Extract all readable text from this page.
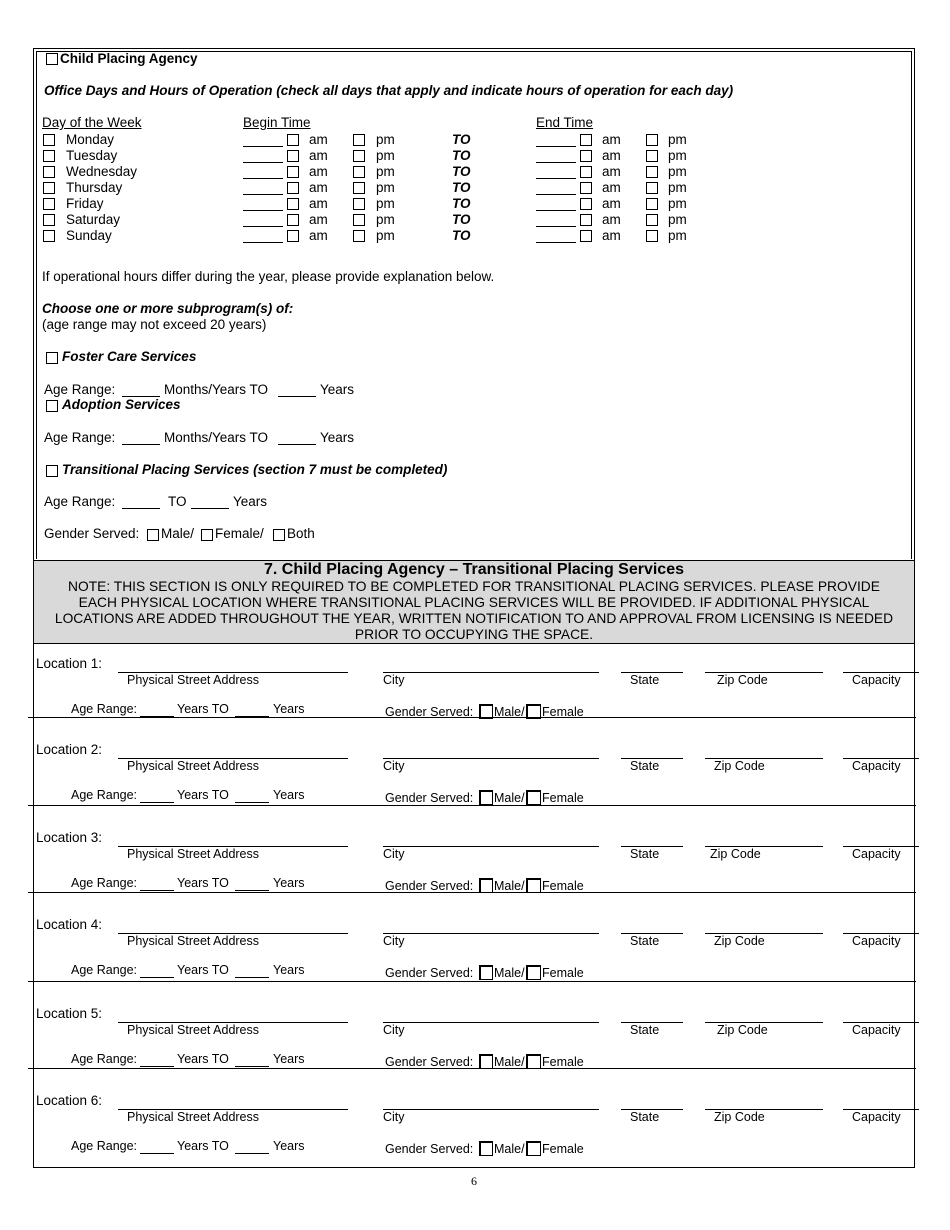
Child Placing Agency
Office Days and Hours of Operation (check all days that apply and indicate hours of operation for each day)
Day of the Week	Begin Time	End Time
If operational hours differ during the year, please provide explanation below.
Choose one or more subprogram(s) of:
(age range may not exceed 20 years)
Foster Care Services
Age Range:	Months/Years TO	Years
Adoption Services
Age Range:	Months/Years TO	Years
Transitional Placing Services (section 7 must be completed)
Age Range:	TO	Years
Gender Served: Male/ Female/ Both
7. Child Placing Agency – Transitional Placing Services
NOTE: THIS SECTION IS ONLY REQUIRED TO BE COMPLETED FOR TRANSITIONAL PLACING SERVICES. PLEASE PROVIDE
EACH PHYSICAL LOCATION WHERE TRANSITIONAL PLACING SERVICES WILL BE PROVIDED. IF ADDITIONAL PHYSICAL
LOCATIONS ARE ADDED THROUGHOUT THE YEAR, WRITTEN NOTIFICATION TO AND APPROVAL FROM LICENSING IS NEEDED
PRIOR TO OCCUPYING THE SPACE.
6
Monday	am	pm	TO	am	pm
Tuesday	am	pm	TO	am	pm
Wednesday	am	pm	TO	am	pm
Thursday	am	pm	TO	am	pm
Friday	am	pm	TO	am	pm
Saturday	am	pm	TO	am	pm
Sunday	am	pm	TO	am	pm
Location 1:
Physical Street Address	City	State	Zip Code	Capacity
Age Range:	Years TO	Years	Gender Served: Male/ Female
Location 2:
Physical Street Address	City	State	Zip Code	Capacity
Age Range:	Years TO	Years	Gender Served: Male/ Female
Location 3:
Physical Street Address	City	State	Zip Code	Capacity
Age Range:	Years TO	Years	Gender Served: Male/ Female
Location 4:
Physical Street Address	City	State	Zip Code	Capacity
Age Range:	Years TO	Years	Gender Served: Male/ Female
Location 5:
Physical Street Address	City	State	Zip Code	Capacity
Age Range:	Years TO	Years	Gender Served: Male/ Female
Location 6:
Physical Street Address	City	State	Zip Code	Capacity
Age Range:	Years TO	Years	Gender Served: Male/ Female
